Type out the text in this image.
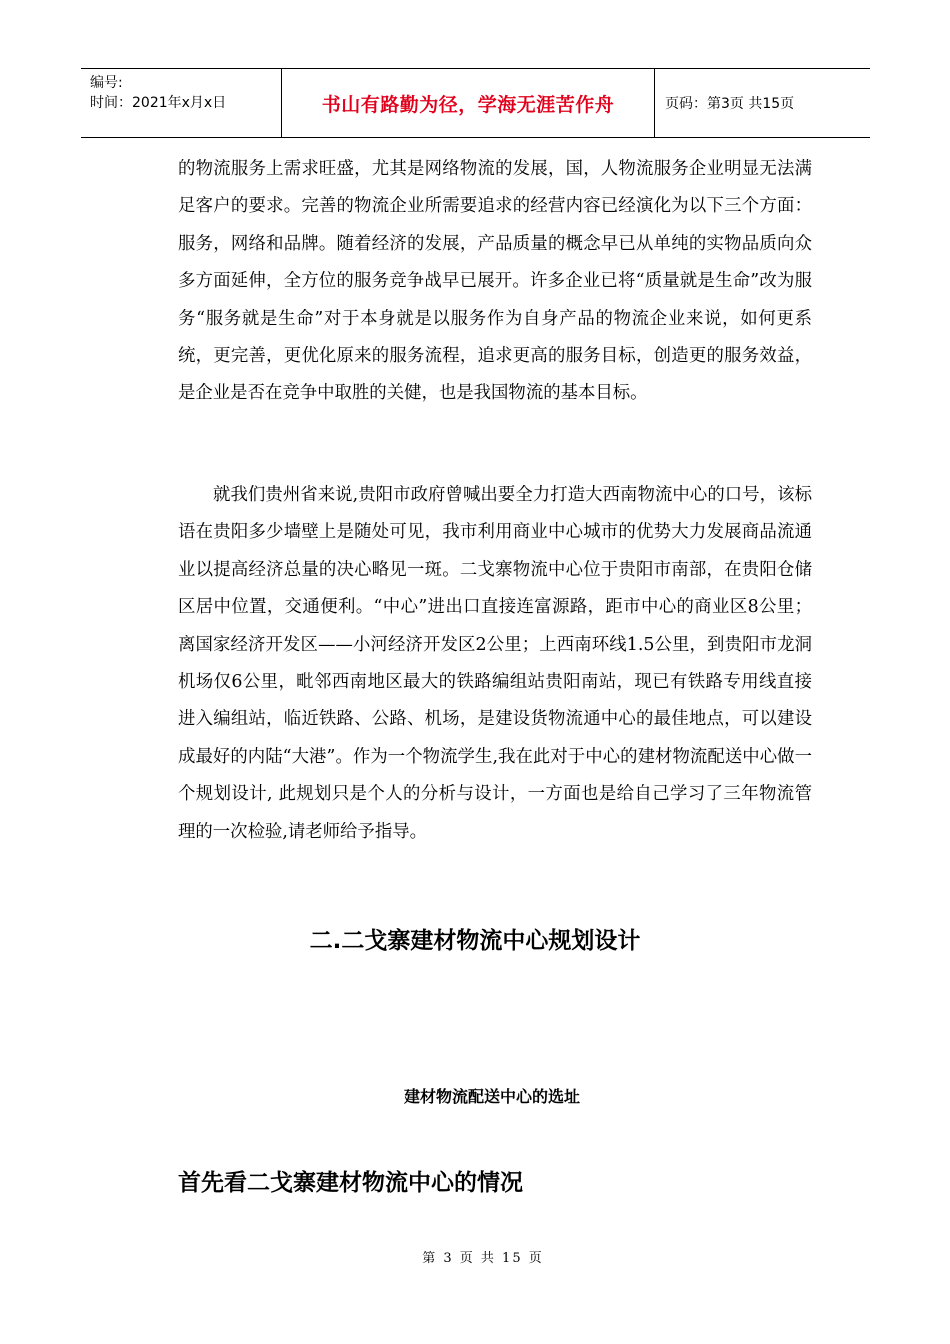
编号:
时间：2021年x月x日	书山有路勤为径，学海无涯苦作舟	页码：第3页 共15页
的物流服务上需求旺盛，尤其是网络物流的发展，国，人物流服务企业明显无法满足客户的要求。完善的物流企业所需要追求的经营内容已经演化为以下三个方面：服务，网络和品牌。随着经济的发展，产品质量的概念早已从单纯的实物品质向众多方面延伸，全方位的服务竞争战早已展开。许多企业已将“质量就是生命”改为服务“服务就是生命”对于本身就是以服务作为自身产品的物流企业来说，如何更系统，更完善，更优化原来的服务流程，追求更高的服务目标，创造更的服务效益，是企业是否在竞争中取胜的关健，也是我国物流的基本目标。
就我们贵州省来说,贵阳市政府曾喊出要全力打造大西南物流中心的口号，该标语在贵阳多少墙壁上是随处可见，我市利用商业中心城市的优势大力发展商品流通业以提高经济总量的决心略见一斑。二戈寨物流中心位于贵阳市南部，在贵阳仓储区居中位置，交通便利。“中心”进出口直接连富源路，距市中心的商业区8公里；离国家经济开发区——小河经济开发区2公里；上西南环线1.5公里，到贵阳市龙洞机场仅6公里，毗邻西南地区最大的铁路编组站贵阳南站，现已有铁路专用线直接进入编组站，临近铁路、公路、机场，是建设货物流通中心的最佳地点，可以建设成最好的内陆“大港”。作为一个物流学生,我在此对于中心的建材物流配送中心做一个规划设计, 此规划只是个人的分析与设计，一方面也是给自己学习了三年物流管理的一次检验,请老师给予指导。
二.二戈寨建材物流中心规划设计
建材物流配送中心的选址
首先看二戈寨建材物流中心的情况
第 3 页 共 15 页
